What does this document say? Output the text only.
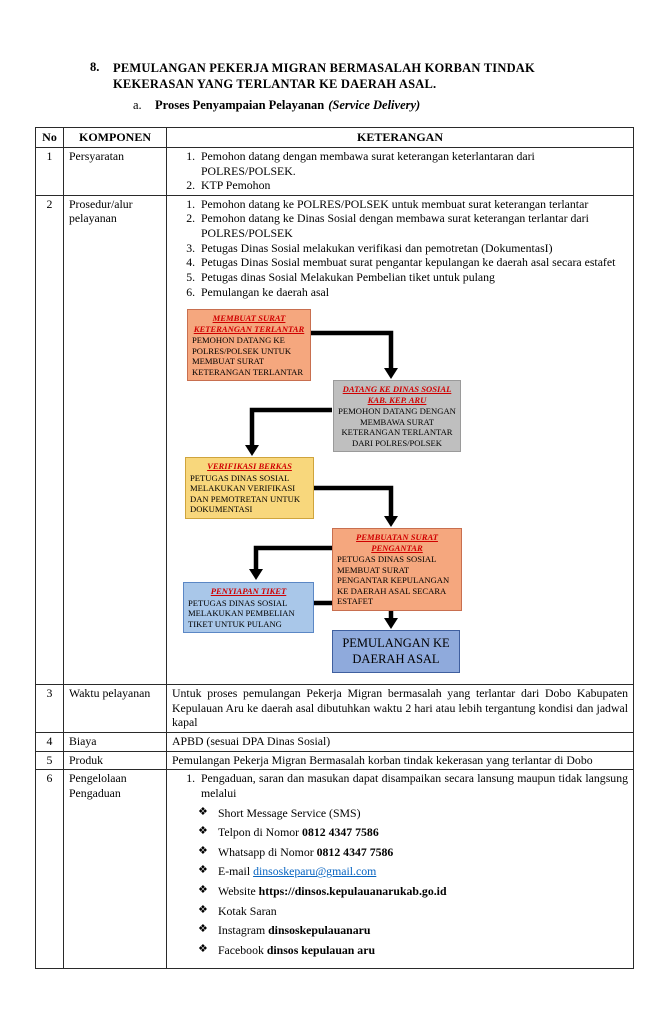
8.	PEMULANGAN PEKERJA MIGRAN BERMASALAH KORBAN TINDAK
KEKERASAN YANG TERLANTAR KE DAERAH ASAL.
a.	Proses Penyampaian Pelayanan (Service Delivery)
No	KOMPONEN	KETERANGAN
1	Persyaratan	
1.Pemohon datang dengan membawa surat keterangan keterlantaran dari POLRES/POLSEK.
2. KTP Pemohon

2	Prosedur/alur pelayanan	
1. Pemohon datang ke POLRES/POLSEK untuk membuat surat keterangan terlantar
2. Pemohon datang ke Dinas Sosial dengan membawa surat keterangan terlantar dari POLRES/POLSEK
3. Petugas Dinas Sosial melakukan verifikasi dan pemotretan (DokumentasI)
4. Petugas Dinas Sosial membuat surat pengantar kepulangan ke daerah asal secara estafet
5. Petugas dinas Sosial Melakukan Pembelian tiket untuk pulang
6. Pemulangan ke daerah asal
MEMBUAT SURAT KETERANGAN TERLANTAR
PEMOHON DATANG KE POLRES/POLSEK UNTUK MEMBUAT SURAT KETERANGAN TERLANTAR
DATANG KE DINAS SOSIAL KAB. KEP. ARU
PEMOHON DATANG DENGAN MEMBAWA SURAT KETERANGAN TERLANTAR DARI POLRES/POLSEK
VERIFIKASI BERKAS
PETUGAS DINAS SOSIAL MELAKUKAN VERIFIKASI DAN PEMOTRETAN UNTUK DOKUMENTASI
PEMBUATAN SURAT PENGANTAR
PETUGAS DINAS SOSIAL MEMBUAT SURAT PENGANTAR KEPULANGAN KE DAERAH ASAL SECARA ESTAFET
PENYIAPAN TIKET
PETUGAS DINAS SOSIAL MELAKUKAN PEMBELIAN TIKET UNTUK PULANG
PEMULANGAN KE DAERAH ASAL

3	Waktu pelayanan	Untuk proses pemulangan Pekerja Migran bermasalah yang terlantar dari Dobo Kabupaten Kepulauan Aru ke daerah asal dibutuhkan waktu 2 hari atau lebih tergantung kondisi dan jadwal kapal
4	Biaya	APBD (sesuai DPA Dinas Sosial)
5	Produk	Pemulangan Pekerja Migran Bermasalah korban tindak kekerasan yang terlantar di Dobo
6	Pengelolaan Pengaduan	
1. Pengaduan, saran dan masukan dapat disampaikan secara lansung maupun tidak langsung melalui
❖ Short Message Service (SMS)
❖ Telpon di Nomor 0812 4347 7586
❖ Whatsapp di Nomor 0812 4347 7586
❖ E-mail dinsoskeparu@gmail.com
❖ Website https://dinsos.kepulauanarukab.go.id
❖ Kotak Saran
❖ Instagram dinsoskepulauanaru
❖ Facebook dinsos kepulauan aru
